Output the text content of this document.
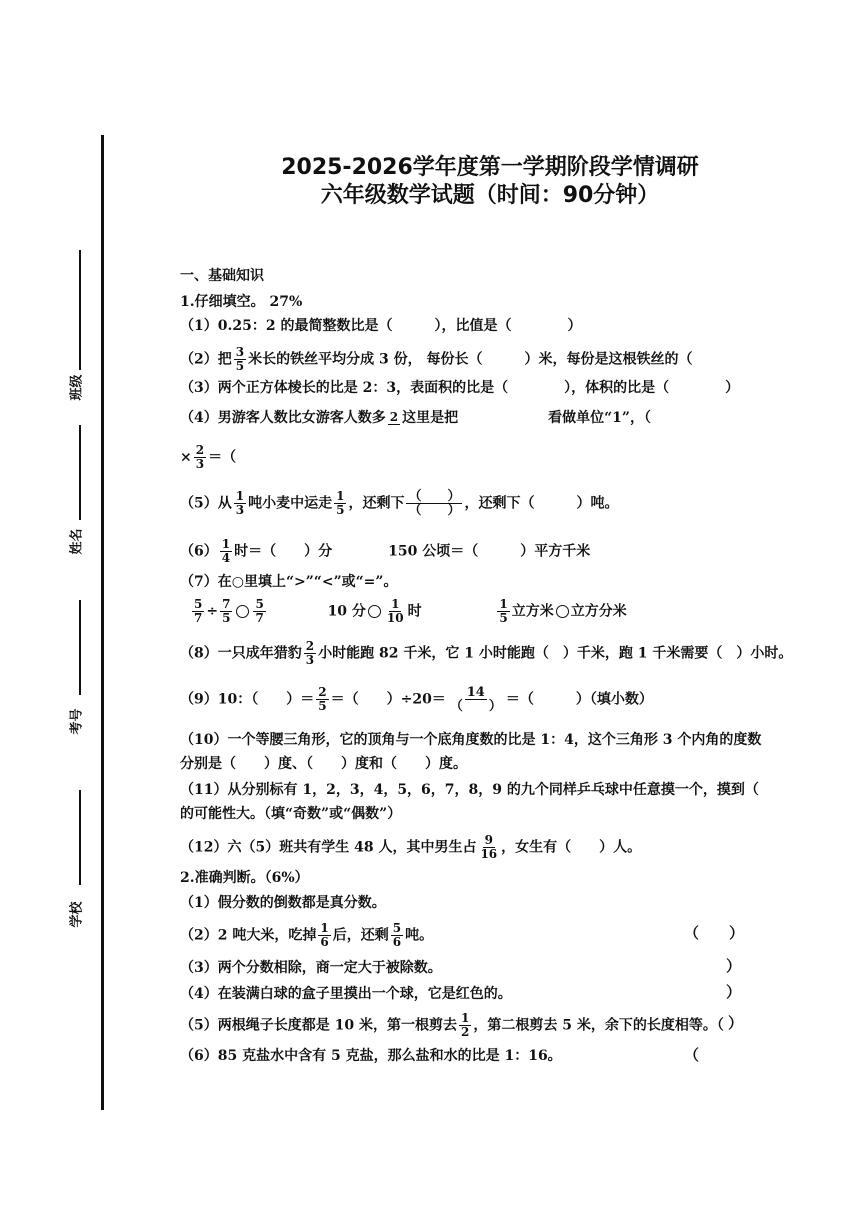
班级
姓名
考号
学校
2025-2026学年度第一学期阶段学情调研
六年级数学试题（时间：90分钟）
一、基础知识
1.仔细填空。 27%
（1）0.25：2 的最简整数比是（　　　），比值是（　　　　）
（2）把 $\frac{3}{5}$ 米长的铁丝平均分成 3 份， 每份长（　　　）米，每份是这根铁丝的（
（3）两个正方体棱长的比是 2：3，表面积的比是（　　　　），体积的比是（　　　　）
（4）男游客人数比女游客人数多 2 这里是把	看做单位“1”，（
× $\frac{2}{3}$ ＝（
（5）从 $\frac{1}{3}$ 吨小麦中运走 $\frac{1}{5}$ ，还剩下 $\frac{( )}{( )}$ ，还剩下（　　　）吨。
$(6) \frac{1}{4}$ 时＝（　　）分　　　　150 公顷＝（　　　）平方千米
（7）在○里填上“>”“<”或“=”。
$\frac{5}{7} \div \frac{7}{5} \frac{5}{7}$	10 分 $\frac{1}{10}$ 时	$\frac{1}{5}$ 立方米 立方分米
（8）一只成年猎豹 $\frac{2}{3}$ 小时能跑 82 千米，它 1 小时能跑（　）千米，跑 1 千米需要（　）小时。
（9）10：（　　）＝ $\frac{2}{5}$ ＝（　　）$\div 20= \frac{14}{( )}$ ＝（　　　）（填小数）
（10）一个等腰三角形，它的顶角与一个底角度数的比是 1：4，这个三角形 3 个内角的度数
分别是（　　）度、（　　）度和（　　）度。
（11）从分别标有 1，2，3，4，5，6，7，8，9 的九个同样乒乓球中任意摸一个，摸到（
的可能性大。（填“奇数”或“偶数”）
（12）六（5）班共有学生 48 人，其中男生占 $\frac{9}{16}$ ，女生有（　　）人。
2.准确判断。（6%）
（1）假分数的倒数都是真分数。
（2）2 吨大米，吃掉 $\frac{1}{6}$ 后，还剩 $\frac{5}{6}$ 吨。	（　　）
（3）两个分数相除，商一定大于被除数。	）
（4）在装满白球的盒子里摸出一个球，它是红色的。	）
（5）两根绳子长度都是 10 米，第一根剪去 $\frac{1}{2}$ ，第二根剪去 5 米，余下的长度相等。（ ）
（6）85 克盐水中含有 5 克盐，那么盐和水的比是 1：16。	（
